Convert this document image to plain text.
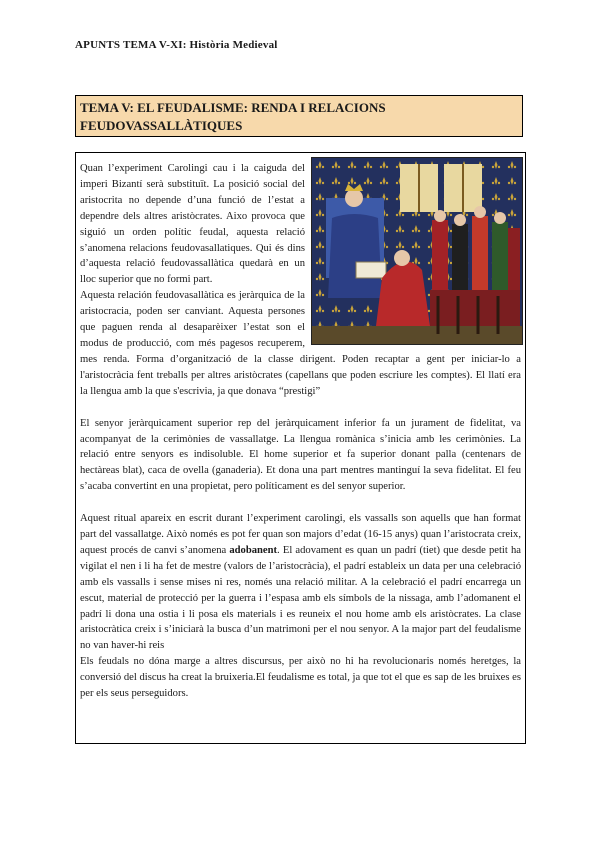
APUNTS TEMA V-XI: Història Medieval
TEMA V: EL FEUDALISME: RENDA I RELACIONS
FEUDOVASSALLÀTIQUES

Quan l’experiment Carolingi cau i la caiguda del imperi Bizantí serà substituït. La posició social del aristocrita no depende d’una funció de l’estat a dependre dels altres aristòcrates. Aixo provoca que siguió un orden polític feudal, aquesta relació s’anomena relacions feudovasallatiques. Qui és dins d’aquesta relació feudovassallàtica quedarà en un lloc superior que no formi part.

Aquesta relación feudovasallàtica es jeràrquica de la aristocracia, poden ser canviant. Aquesta persones que paguen renda al desaparèixer l’estat son el modus de producció, com més pagesos recuperem, mes renda. Forma d’organització de la classe dirigent. Poden recaptar a gent per iniciar-lo a l'aristocràcia fent treballs per altres aristòcrates (capellans que poden escriure les comptes). El llatí era la llengua amb la que s'escrivia, ja que donava “prestigi”

El senyor jeràrquicament superior rep del jeràrquicament inferior fa un jurament de fidelitat, va acompanyat de la cerimònies de vassallatge. La llengua romànica s’inicia amb les cerimònies. La relació entre senyors es indisoluble. El home superior et fa superior donant palla (centenars de hectàreas blat), caca de ovella (ganaderia). Et dona una part mentres mantinguí la seva fidelitat. El feu s’acaba convertint en una propietat, pero políticament es del senyor superior.

Aquest ritual apareix en escrit durant l’experiment carolingi, els vassalls son aquells que han format part del vassallatge. Això només es pot fer quan son majors d’edat (16-15 anys) quan l’aristocrata creix, aquest procés de canvi s’anomena adobanent. El adovament es quan un padrí (tiet) que desde petit ha vigilat el nen i li ha fet de mestre (valors de l’aristocràcia), el padrí estableix un data per una celebració amb els vassalls i sense mises ni res, només una relació militar. A la celebració el padrí encarrega un escut, material de protecció per la guerra i l’espasa amb els símbols de la nissaga, amb l’adomanent el padrí li dona una ostia i li posa els materials i es reuneix el nou home amb els aristòcrates. La clase aristocràtica creix i s’iniciarà la busca d’un matrimoni per el nou senyor. A la major part del feudalisme no van haver-hi reis

Els feudals no dóna marge a altres discursus, per això no hi ha revolucionaris només heretges, la conversió del discus ha creat la bruixeria.El feudalisme es total, ja que tot el que es sap de les bruixes es per els seus perseguidors.
